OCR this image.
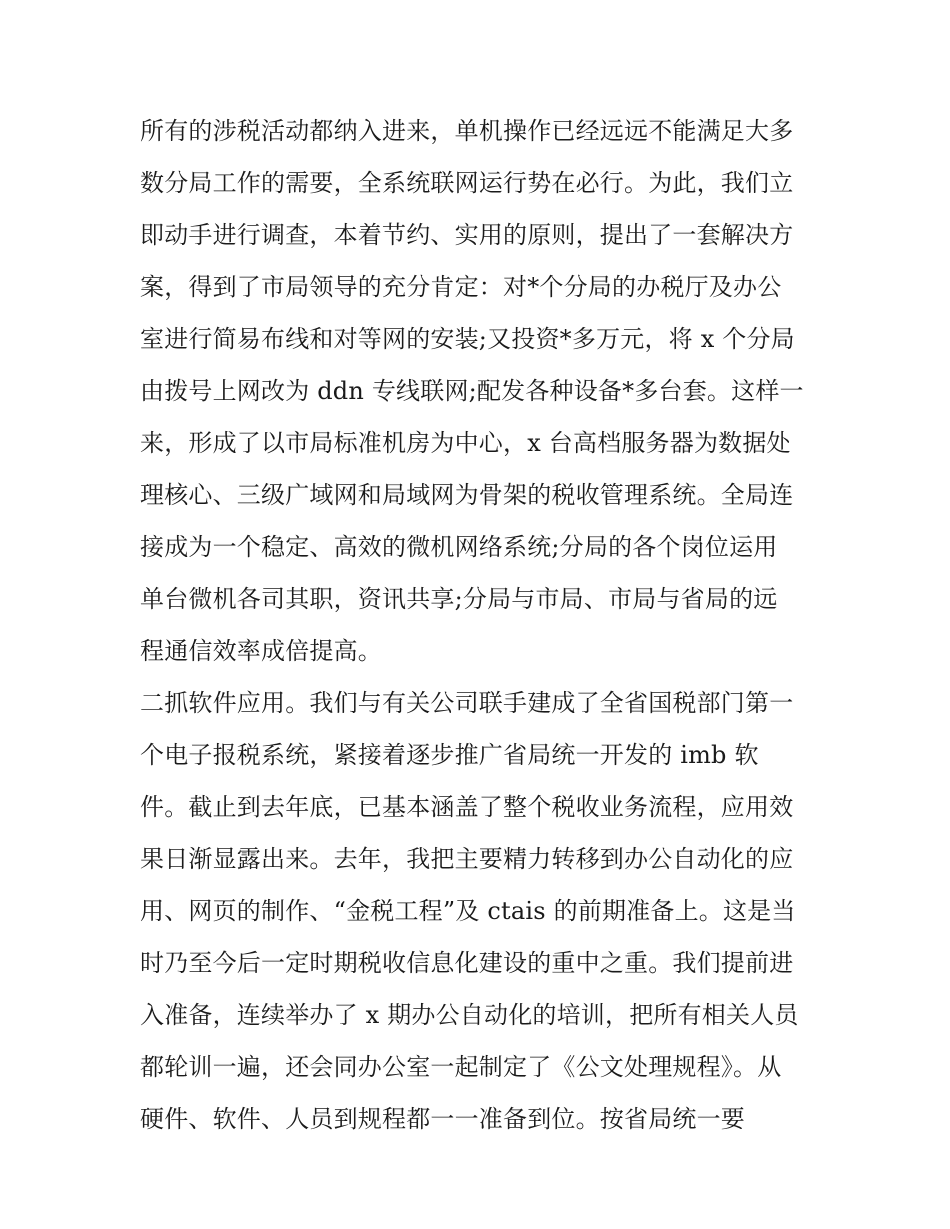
所有的涉税活动都纳入进来，单机操作已经远远不能满足大多
数分局工作的需要，全系统联网运行势在必行。为此，我们立
即动手进行调查，本着节约、实用的原则，提出了一套解决方
案，得到了市局领导的充分肯定：对*个分局的办税厅及办公
室进行简易布线和对等网的安装;又投资*多万元，将 x 个分局
由拨号上网改为 ddn 专线联网;配发各种设备*多台套。这样一
来，形成了以市局标准机房为中心，x 台高档服务器为数据处
理核心、三级广域网和局域网为骨架的税收管理系统。全局连
接成为一个稳定、高效的微机网络系统;分局的各个岗位运用
单台微机各司其职，资讯共享;分局与市局、市局与省局的远
程通信效率成倍提高。
二抓软件应用。我们与有关公司联手建成了全省国税部门第一
个电子报税系统，紧接着逐步推广省局统一开发的 imb 软
件。截止到去年底，已基本涵盖了整个税收业务流程，应用效
果日渐显露出来。去年，我把主要精力转移到办公自动化的应
用、网页的制作、“金税工程”及 ctais 的前期准备上。这是当
时乃至今后一定时期税收信息化建设的重中之重。我们提前进
入准备，连续举办了 x 期办公自动化的培训，把所有相关人员
都轮训一遍，还会同办公室一起制定了《公文处理规程》。从
硬件、软件、人员到规程都一一准备到位。按省局统一要
